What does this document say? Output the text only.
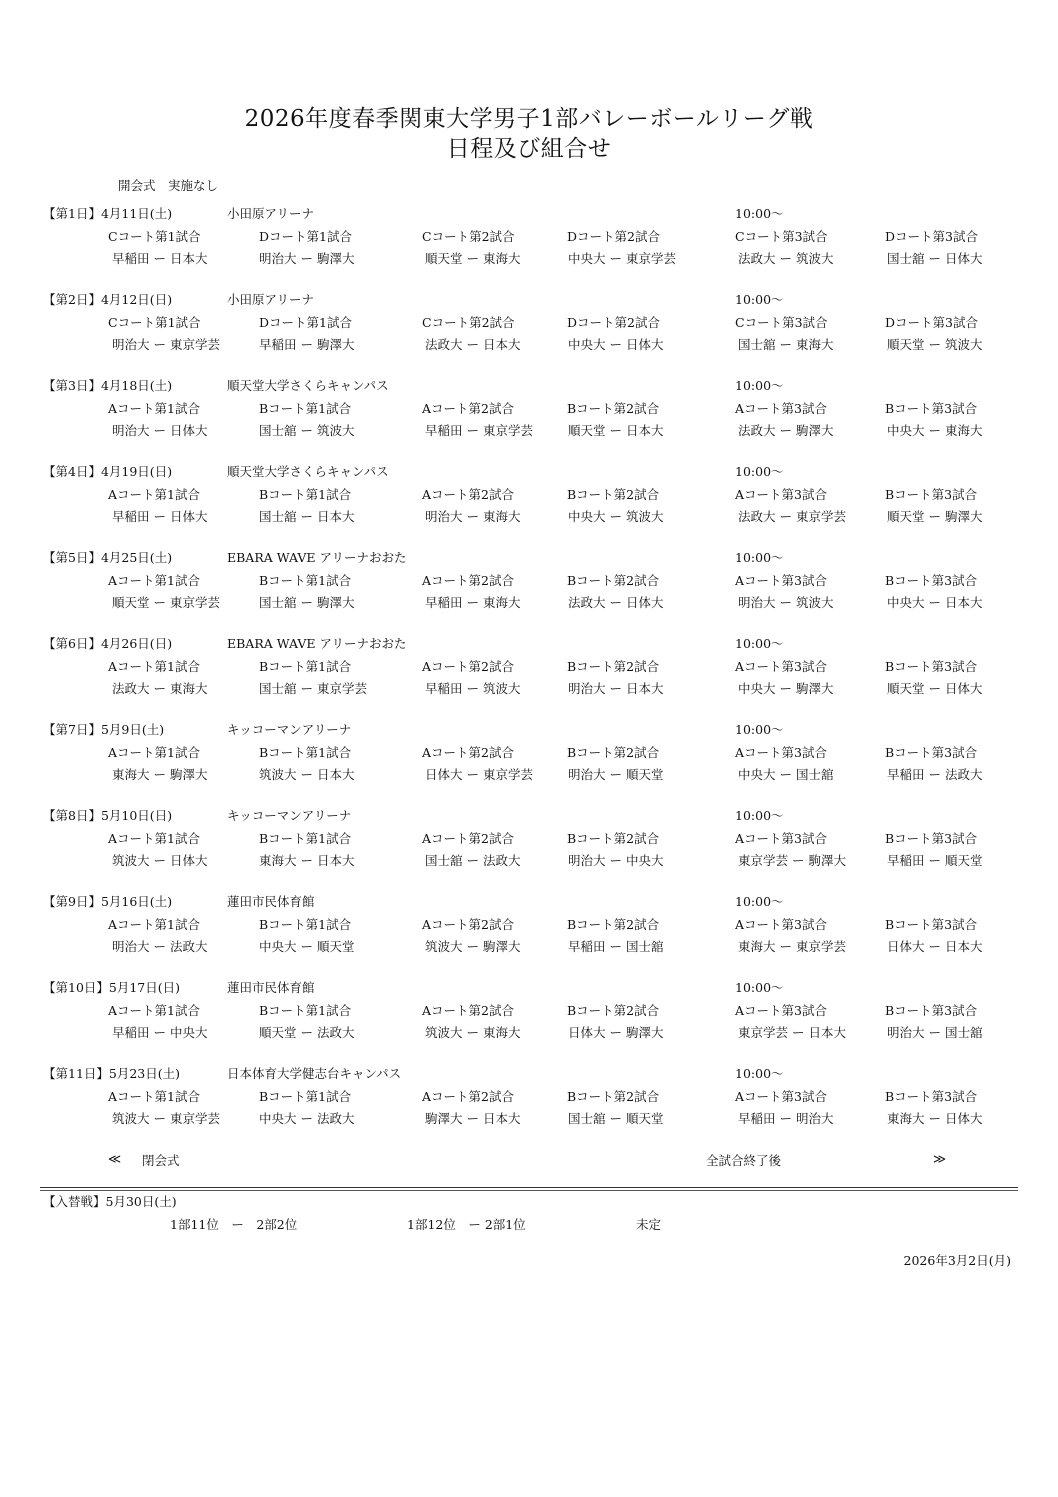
2026年度春季関東大学男子1部バレーボールリーグ戦
日程及び組合せ
開会式　実施なし
【第1日】4月11日(土)	小田原アリーナ	10:00～
Cコート第1試合	Dコート第1試合	Cコート第2試合	Dコート第2試合	Cコート第3試合	Dコート第3試合
早稲田 ー 日本大	明治大 ー 駒澤大	順天堂 ー 東海大	中央大 ー 東京学芸	法政大 ー 筑波大	国士舘 ー 日体大
【第2日】4月12日(日)	小田原アリーナ	10:00～
Cコート第1試合	Dコート第1試合	Cコート第2試合	Dコート第2試合	Cコート第3試合	Dコート第3試合
明治大 ー 東京学芸	早稲田 ー 駒澤大	法政大 ー 日本大	中央大 ー 日体大	国士舘 ー 東海大	順天堂 ー 筑波大
【第3日】4月18日(土)	順天堂大学さくらキャンパス	10:00～
Aコート第1試合	Bコート第1試合	Aコート第2試合	Bコート第2試合	Aコート第3試合	Bコート第3試合
明治大 ー 日体大	国士舘 ー 筑波大	早稲田 ー 東京学芸	順天堂 ー 日本大	法政大 ー 駒澤大	中央大 ー 東海大
【第4日】4月19日(日)	順天堂大学さくらキャンパス	10:00～
Aコート第1試合	Bコート第1試合	Aコート第2試合	Bコート第2試合	Aコート第3試合	Bコート第3試合
早稲田 ー 日体大	国士舘 ー 日本大	明治大 ー 東海大	中央大 ー 筑波大	法政大 ー 東京学芸	順天堂 ー 駒澤大
【第5日】4月25日(土)	EBARA WAVE アリーナおおた	10:00～
Aコート第1試合	Bコート第1試合	Aコート第2試合	Bコート第2試合	Aコート第3試合	Bコート第3試合
順天堂 ー 東京学芸	国士舘 ー 駒澤大	早稲田 ー 東海大	法政大 ー 日体大	明治大 ー 筑波大	中央大 ー 日本大
【第6日】4月26日(日)	EBARA WAVE アリーナおおた	10:00～
Aコート第1試合	Bコート第1試合	Aコート第2試合	Bコート第2試合	Aコート第3試合	Bコート第3試合
法政大 ー 東海大	国士舘 ー 東京学芸	早稲田 ー 筑波大	明治大 ー 日本大	中央大 ー 駒澤大	順天堂 ー 日体大
【第7日】5月9日(土)	キッコーマンアリーナ	10:00～
Aコート第1試合	Bコート第1試合	Aコート第2試合	Bコート第2試合	Aコート第3試合	Bコート第3試合
東海大 ー 駒澤大	筑波大 ー 日本大	日体大 ー 東京学芸	明治大 ー 順天堂	中央大 ー 国士舘	早稲田 ー 法政大
【第8日】5月10日(日)	キッコーマンアリーナ	10:00～
Aコート第1試合	Bコート第1試合	Aコート第2試合	Bコート第2試合	Aコート第3試合	Bコート第3試合
筑波大 ー 日体大	東海大 ー 日本大	国士舘 ー 法政大	明治大 ー 中央大	東京学芸 ー 駒澤大	早稲田 ー 順天堂
【第9日】5月16日(土)	蓮田市民体育館	10:00～
Aコート第1試合	Bコート第1試合	Aコート第2試合	Bコート第2試合	Aコート第3試合	Bコート第3試合
明治大 ー 法政大	中央大 ー 順天堂	筑波大 ー 駒澤大	早稲田 ー 国士舘	東海大 ー 東京学芸	日体大 ー 日本大
【第10日】5月17日(日)	蓮田市民体育館	10:00～
Aコート第1試合	Bコート第1試合	Aコート第2試合	Bコート第2試合	Aコート第3試合	Bコート第3試合
早稲田 ー 中央大	順天堂 ー 法政大	筑波大 ー 東海大	日体大 ー 駒澤大	東京学芸 ー 日本大	明治大 ー 国士舘
【第11日】5月23日(土)	日本体育大学健志台キャンパス	10:00～
Aコート第1試合	Bコート第1試合	Aコート第2試合	Bコート第2試合	Aコート第3試合	Bコート第3試合
筑波大 ー 東京学芸	中央大 ー 法政大	駒澤大 ー 日本大	国士舘 ー 順天堂	早稲田 ー 明治大	東海大 ー 日体大
≪ 閉会式	全試合終了後	≫
【入替戦】5月30日(土)
1部11位　ー　2部2位	1部12位　ー 2部1位	未定
2026年3月2日(月)
